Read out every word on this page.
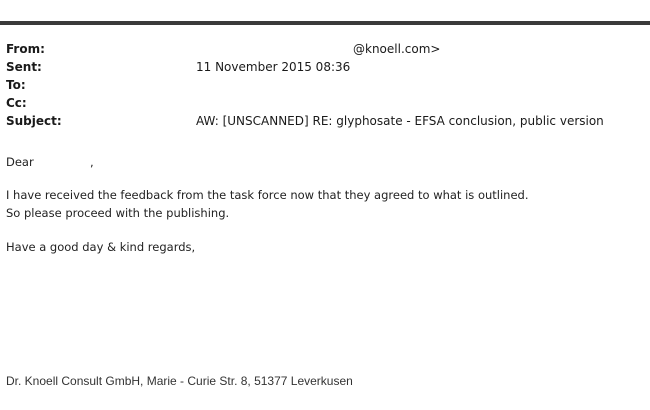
From:	@knoell.com>
Sent:	11 November 2015 08:36
To:
Cc:
Subject:	AW: [UNSCANNED] RE: glyphosate - EFSA conclusion, public version
Dear	,
I have received the feedback from the task force now that they agreed to what is outlined.
So please proceed with the publishing.
Have a good day & kind regards,
Dr. Knoell Consult GmbH, Marie - Curie Str. 8, 51377 Leverkusen
